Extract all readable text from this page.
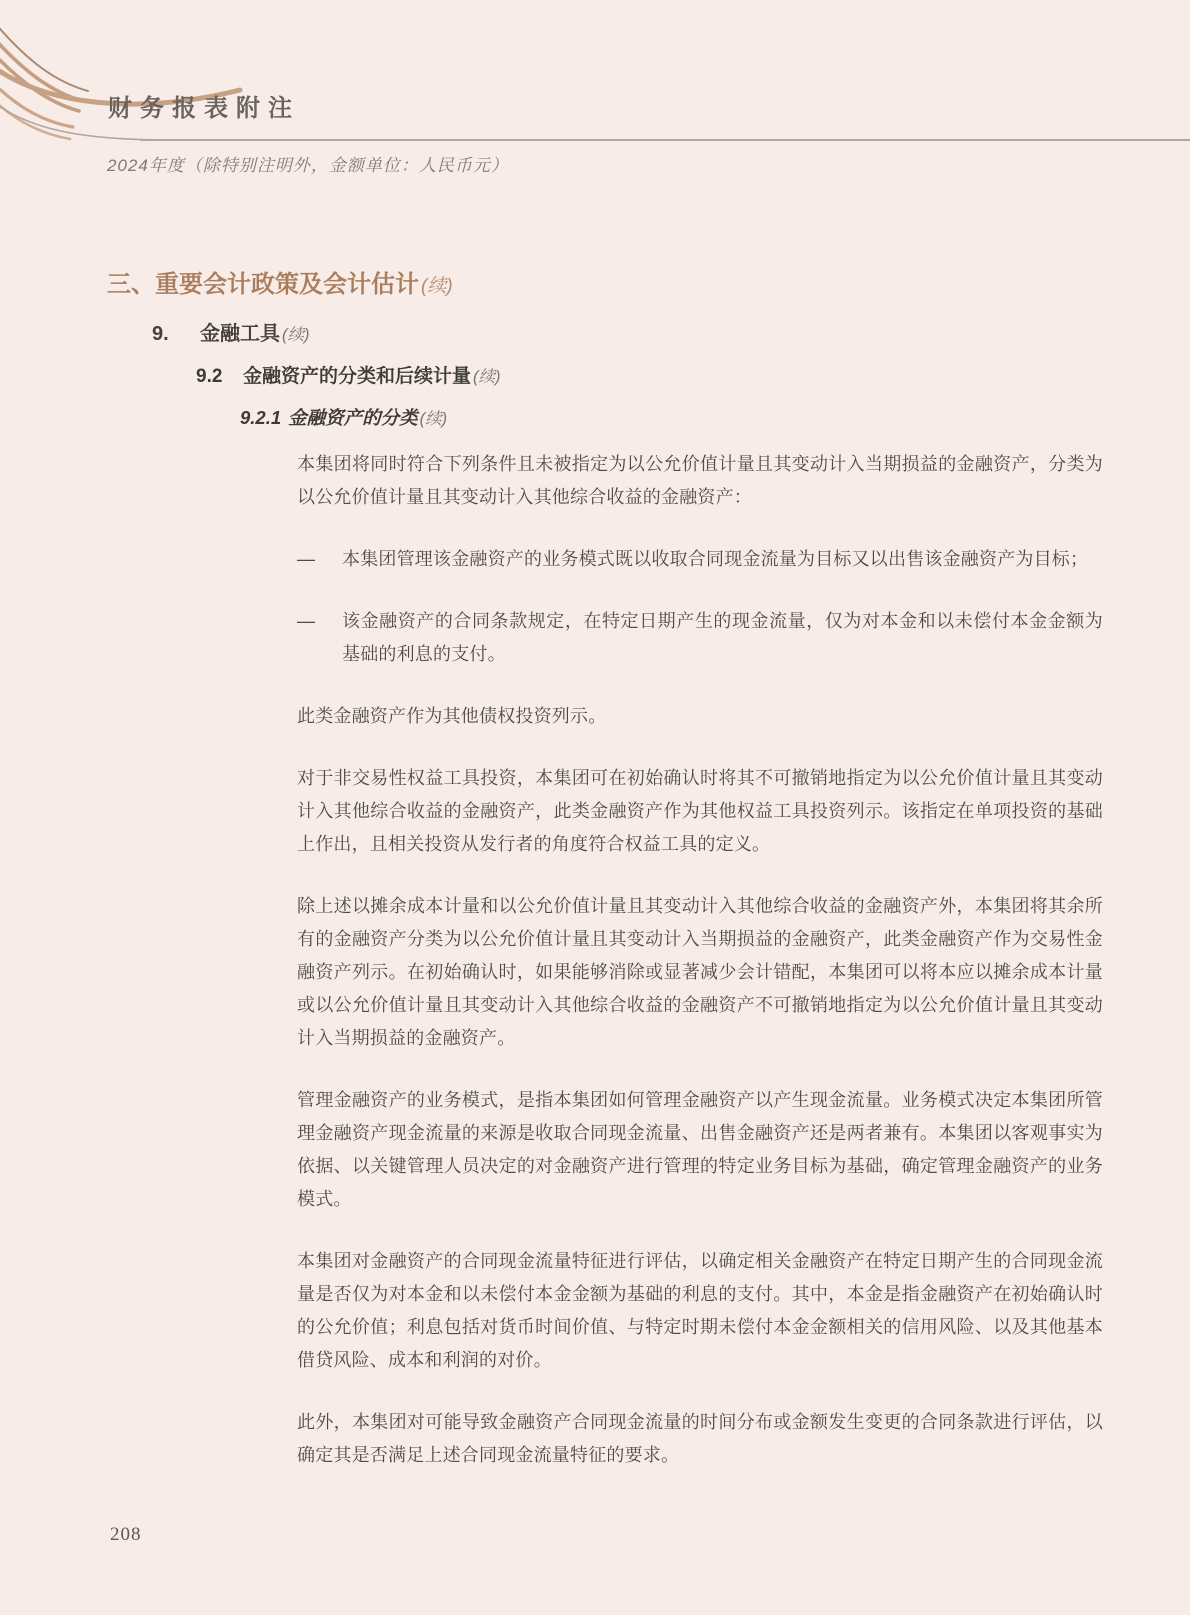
财务报表附注
2024年度（除特别注明外，金额单位：人民币元）
三、重要会计政策及会计估计 (续)
9.	金融工具 (续)
9.2	金融资产的分类和后续计量 (续)
9.2.1 金融资产的分类 (续)

本集团将同时符合下列条件且未被指定为以公允价值计量且其变动计入当期损益的金融资产，分类为以公允价值计量且其变动计入其他综合收益的金融资产：

—	本集团管理该金融资产的业务模式既以收取合同现金流量为目标又以出售该金融资产为目标；
—	该金融资产的合同条款规定，在特定日期产生的现金流量，仅为对本金和以未偿付本金金额为基础的利息的支付。

此类金融资产作为其他债权投资列示。

对于非交易性权益工具投资，本集团可在初始确认时将其不可撤销地指定为以公允价值计量且其变动计入其他综合收益的金融资产，此类金融资产作为其他权益工具投资列示。该指定在单项投资的基础上作出，且相关投资从发行者的角度符合权益工具的定义。

除上述以摊余成本计量和以公允价值计量且其变动计入其他综合收益的金融资产外，本集团将其余所有的金融资产分类为以公允价值计量且其变动计入当期损益的金融资产，此类金融资产作为交易性金融资产列示。在初始确认时，如果能够消除或显著减少会计错配，本集团可以将本应以摊余成本计量或以公允价值计量且其变动计入其他综合收益的金融资产不可撤销地指定为以公允价值计量且其变动计入当期损益的金融资产。

管理金融资产的业务模式，是指本集团如何管理金融资产以产生现金流量。业务模式决定本集团所管理金融资产现金流量的来源是收取合同现金流量、出售金融资产还是两者兼有。本集团以客观事实为依据、以关键管理人员决定的对金融资产进行管理的特定业务目标为基础，确定管理金融资产的业务模式。

本集团对金融资产的合同现金流量特征进行评估，以确定相关金融资产在特定日期产生的合同现金流量是否仅为对本金和以未偿付本金金额为基础的利息的支付。其中，本金是指金融资产在初始确认时的公允价值；利息包括对货币时间价值、与特定时期未偿付本金金额相关的信用风险、以及其他基本借贷风险、成本和利润的对价。

此外，本集团对可能导致金融资产合同现金流量的时间分布或金额发生变更的合同条款进行评估，以确定其是否满足上述合同现金流量特征的要求。

208
